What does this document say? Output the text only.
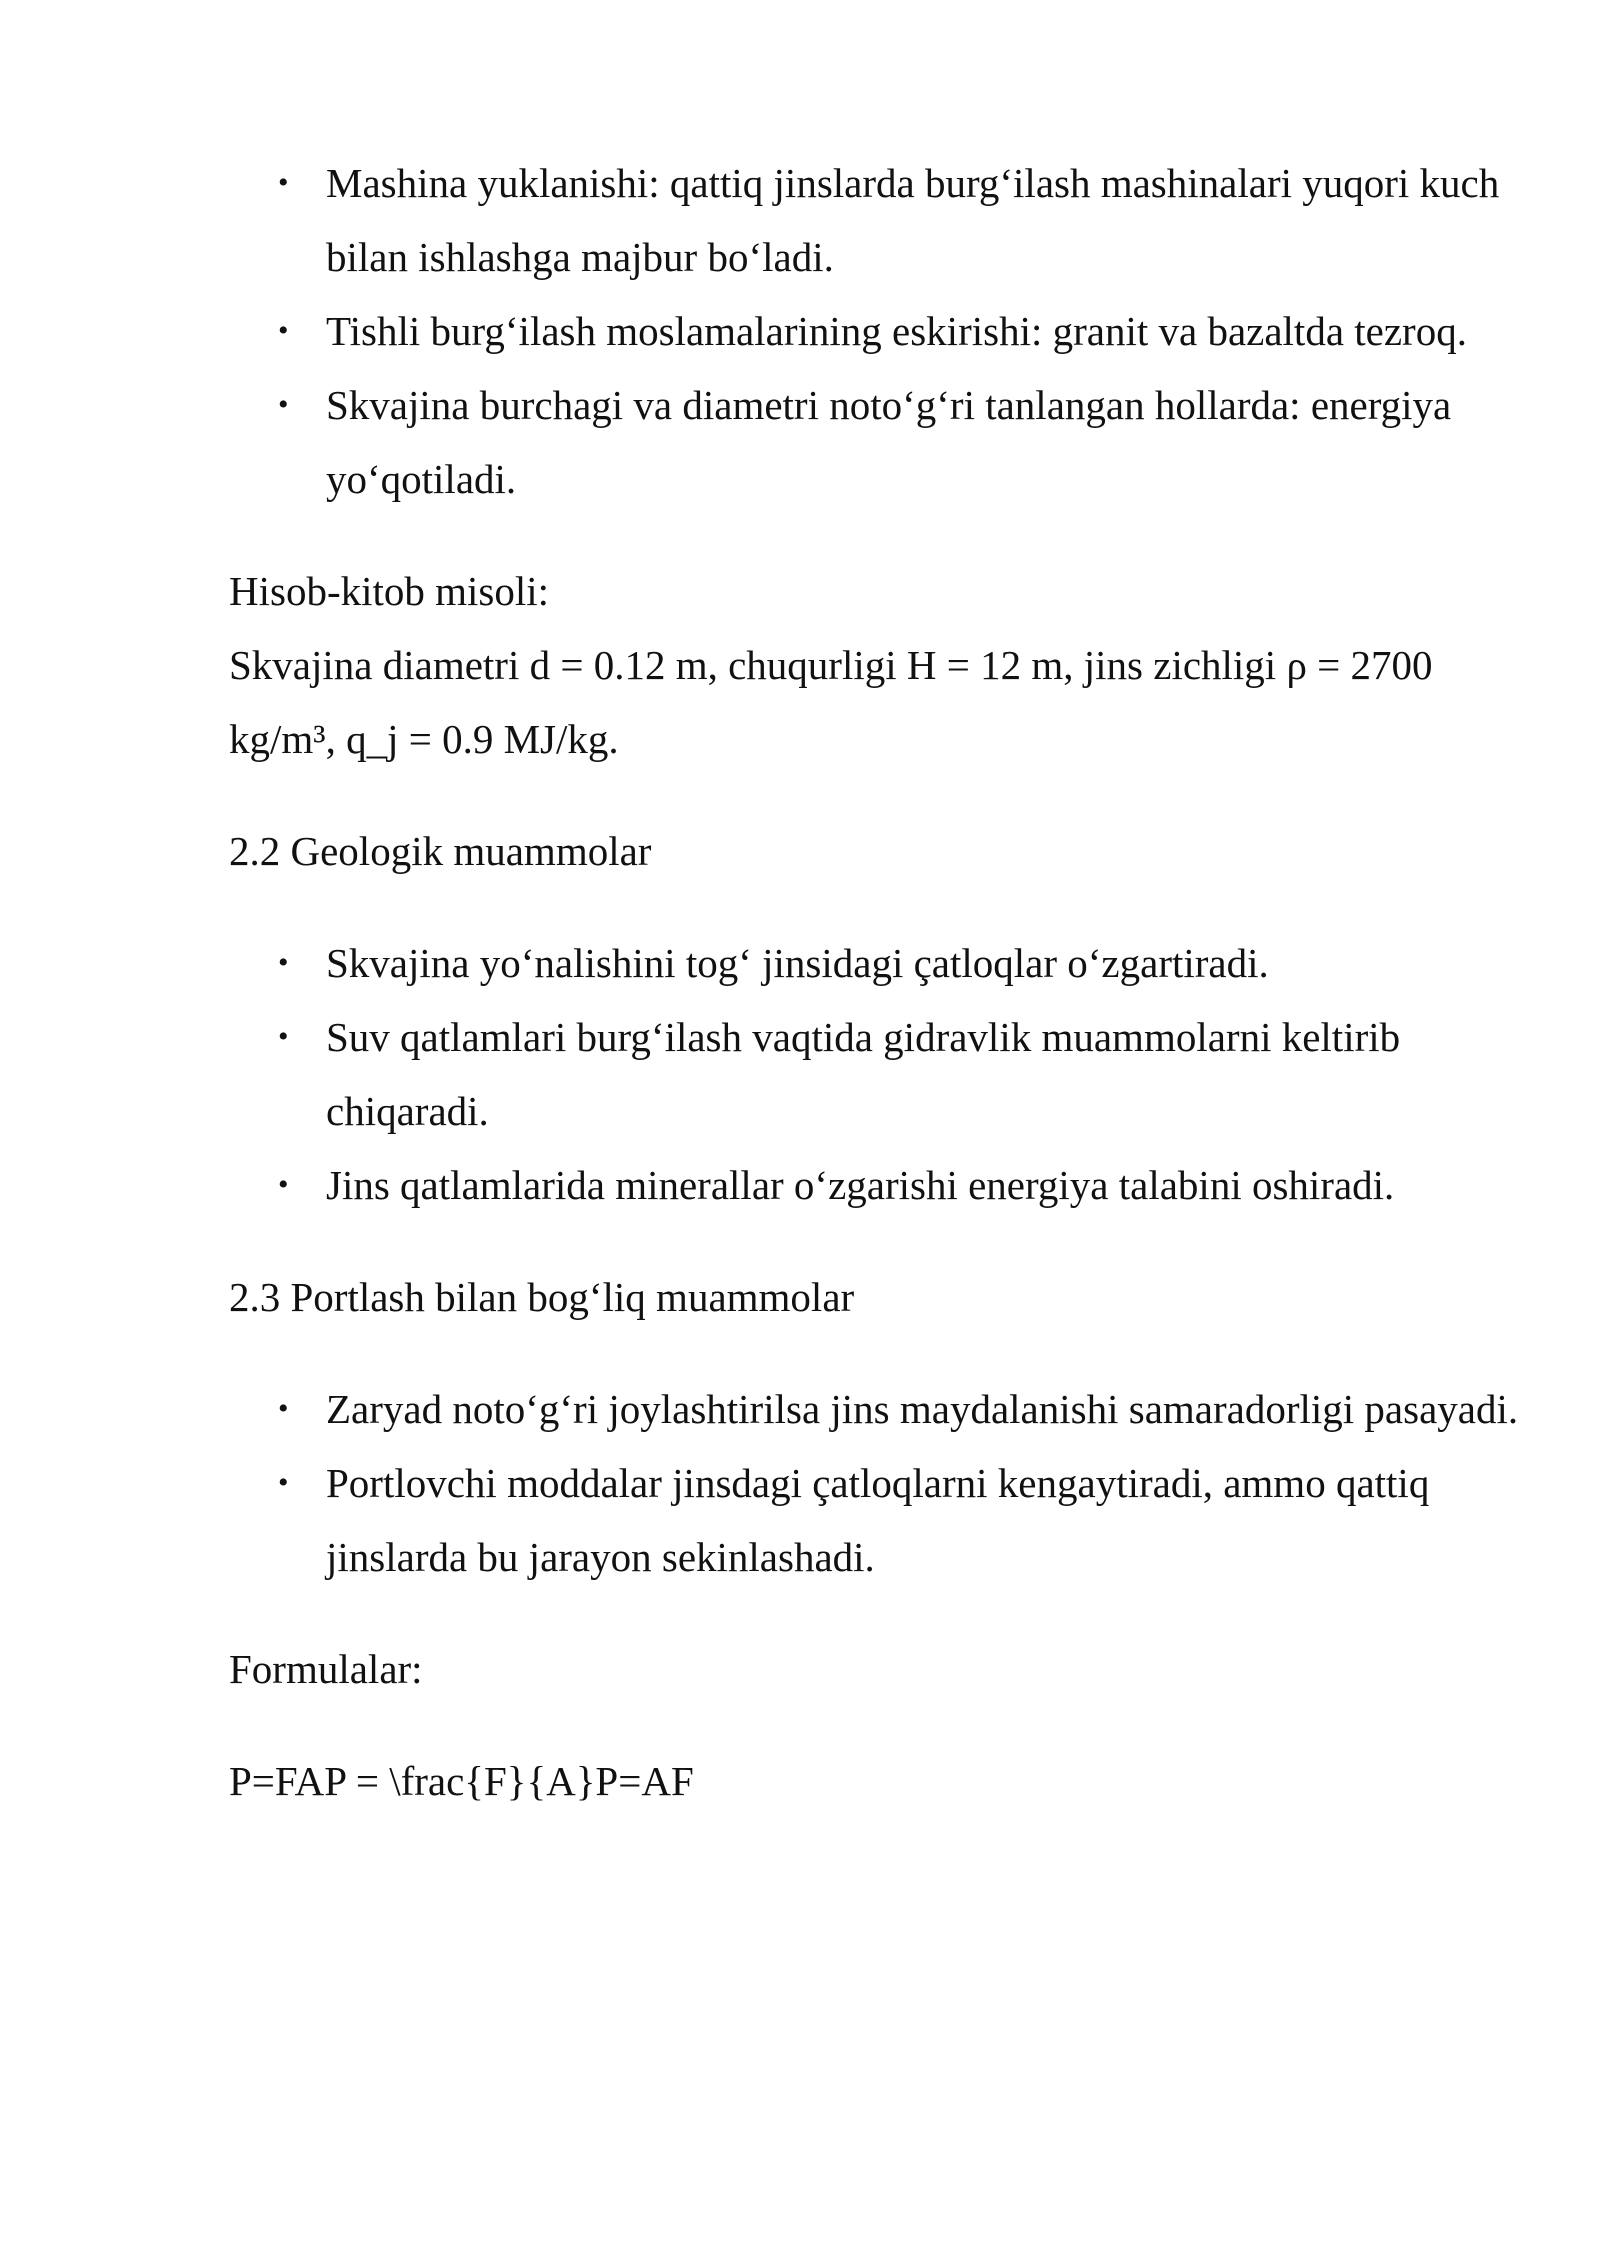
• Mashina yuklanishi: qattiq jinslarda burg‘ilash mashinalari yuqori kuch bilan ishlashga majbur bo‘ladi.
• Tishli burg‘ilash moslamalarining eskirishi: granit va bazaltda tezroq.
• Skvajina burchagi va diametri noto‘g‘ri tanlangan hollarda: energiya yo‘qotiladi.

Hisob-kitob misoli:

Skvajina diametri d = 0.12 m, chuqurligi H = 12 m, jins zichligi ρ = 2700 kg/m³, q_j = 0.9 MJ/kg.

2.2 Geologik muammolar

• Skvajina yo‘nalishini tog‘ jinsidagi çatloqlar o‘zgartiradi.
• Suv qatlamlari burg‘ilash vaqtida gidravlik muammolarni keltirib chiqaradi.
• Jins qatlamlarida minerallar o‘zgarishi energiya talabini oshiradi.

2.3 Portlash bilan bog‘liq muammolar

• Zaryad noto‘g‘ri joylashtirilsa jins maydalanishi samaradorligi pasayadi.
• Portlovchi moddalar jinsdagi çatloqlarni kengaytiradi, ammo qattiq jinslarda bu jarayon sekinlashadi.

Formulalar:

P=FAP = \frac{F}{A}P=AF
